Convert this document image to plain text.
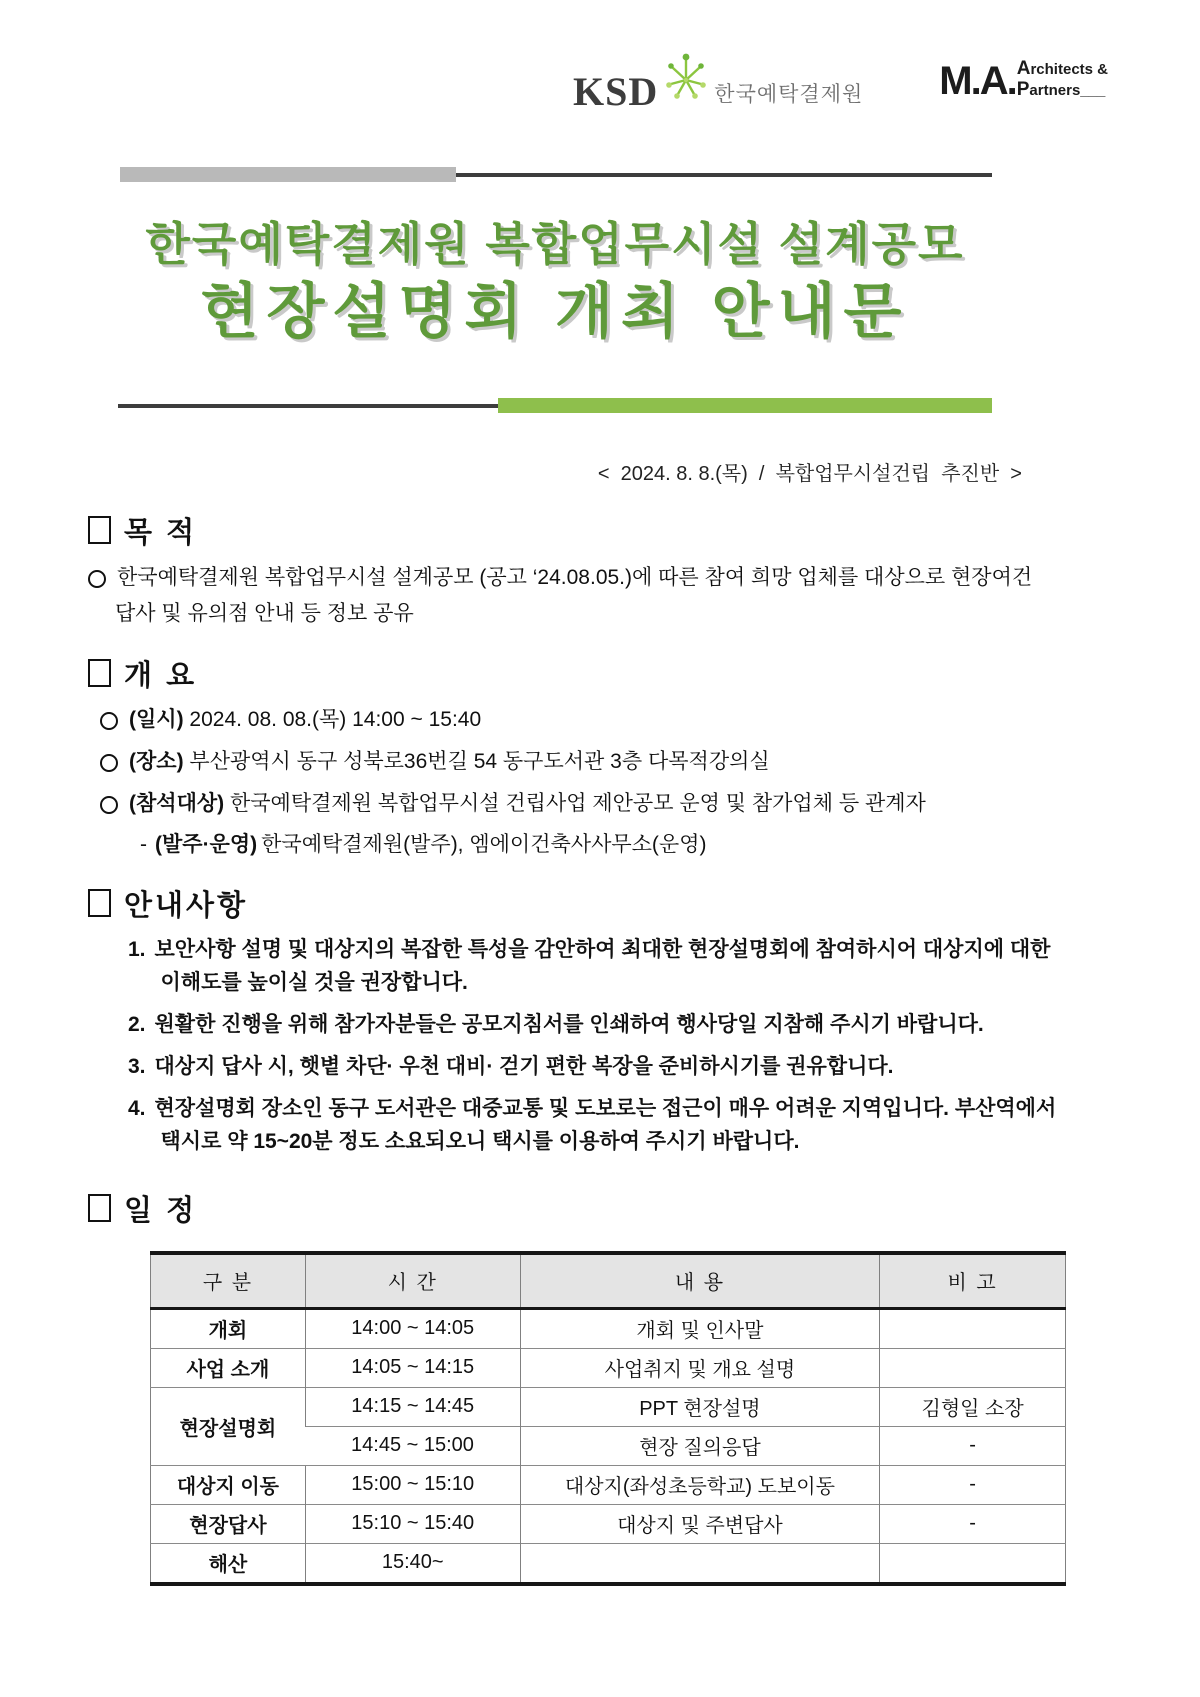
KSD	한국예탁결제원 M.A. Architects &
Partners___
한국예탁결제원 복합업무시설 설계공모
현장설명회 개최 안내문
<  2024. 8. 8.(목)  /  복합업무시설건립  추진반  >
목 적
한국예탁결제원 복합업무시설 설계공모 (공고 ‘24.08.05.)에 따른 참여 희망 업체를 대상으로 현장여건
답사 및 유의점 안내 등 정보 공유
개 요
(일시) 2024. 08. 08.(목) 14:00 ~ 15:40
(장소) 부산광역시 동구 성북로36번길 54 동구도서관 3층 다목적강의실
(참석대상) 한국예탁결제원 복합업무시설 건립사업 제안공모 운영 및 참가업체 등 관계자
- (발주·운영) 한국예탁결제원(발주), 엠에이건축사사무소(운영)
안내사항
1. 보안사항 설명 및 대상지의 복잡한 특성을 감안하여 최대한 현장설명회에 참여하시어 대상지에 대한
이해도를 높이실 것을 권장합니다.
2. 원활한 진행을 위해 참가자분들은 공모지침서를 인쇄하여 행사당일 지참해 주시기 바랍니다.
3. 대상지 답사 시, 햇볕 차단· 우천 대비· 걷기 편한 복장을 준비하시기를 권유합니다.
4. 현장설명회 장소인 동구 도서관은 대중교통 및 도보로는 접근이 매우 어려운 지역입니다. 부산역에서
택시로 약 15~20분 정도 소요되오니 택시를 이용하여 주시기 바랍니다.
일 정
구 분	시 간	내 용	비 고
개회	14:00 ~ 14:05	개회 및 인사말	
사업 소개	14:05 ~ 14:15	사업취지 및 개요 설명	
현장설명회	14:15 ~ 14:45	PPT 현장설명	김형일 소장
	14:45 ~ 15:00	현장 질의응답	-
대상지 이동	15:00 ~ 15:10	대상지(좌성초등학교) 도보이동	-
현장답사	15:10 ~ 15:40	대상지 및 주변답사	-
해산	15:40~		
